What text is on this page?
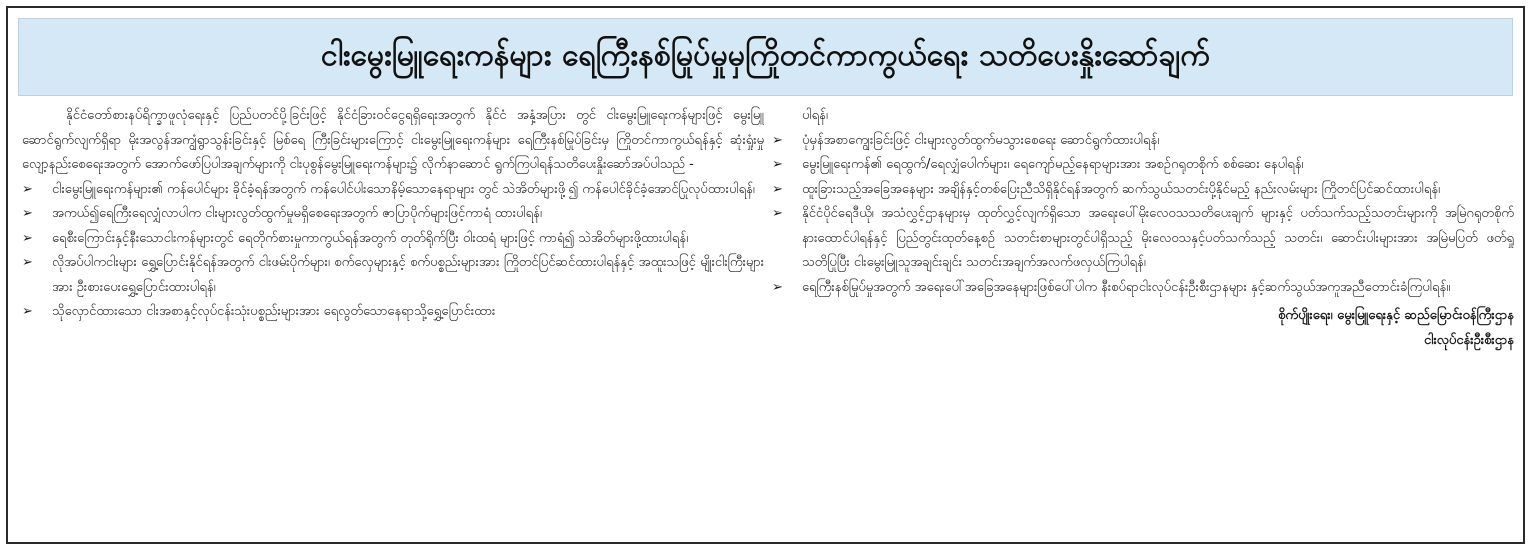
ငါးမွေးမြူရေးကန်များ ရေကြီးနစ်မြုပ်မှုမှကြိုတင်ကာကွယ်ရေး သတိပေးနှိုးဆော်ချက်

နိုင်ငံတော်စားနပ်ရိက္ခာဖူလုံရေးနှင့် ပြည်ပတင်ပို့ခြင်းဖြင့် နိုင်ငံခြားဝင်ငွေရရှိရေးအတွက် နိုင်ငံ အနှံ့အပြား တွင် ငါးမွေးမြူရေးကန်များဖြင့် မွေးမြူဆောင်ရွက်လျက်ရှိရာ မိုးအလွန်အကျွံရွာသွန်းခြင်းနှင့် မြစ်ရေ ကြီးခြင်းများကြောင့် ငါးမွေးမြူရေးကန်များ ရေကြီးနစ်မြုပ်ခြင်းမှ ကြိုတင်ကာကွယ်ရန်နှင့် ဆုံးရှုံးမှု လျော့နည်းစေရေးအတွက် အောက်ဖော်ပြပါအချက်များကို ငါးပုစွန်မွေးမြူရေးကန်များ၌ လိုက်နာဆောင် ရွက်ကြပါရန်သတိပေးနှိုးဆော်အပ်ပါသည် -

➢	ငါးမွေးမြူရေးကန်များ၏ ကန်ပေါင်များ ခိုင်ခံ့ရန်အတွက် ကန်ပေါင်ပါးသောနိမ့်သောနေရာများ တွင် သဲအိတ်များဖို့၍ ကန်ပေါင်ခိုင်ခံ့အောင်ပြုလုပ်ထားပါရန်၊

➢	အကယ်၍ရေကြီးရေလျှံလာပါက ငါးများလွတ်ထွက်မှုမရှိစေရေးအတွက် ဇာပြာပိုက်များဖြင့်ကာရံ ထားပါရန်၊

➢	ရေစီးကြောင်းနှင့်နီးသောငါးကန်များတွင် ရေတိုက်စားမှုကာကွယ်ရန်အတွက် တုတ်ရိုက်ပြီး ဝါးထရံ များဖြင့် ကာရံ၍ သဲအိတ်များဖို့ထားပါရန်၊

➢	လိုအပ်ပါကငါးများ ရွှေ့ပြောင်းနိုင်ရန်အတွက် ငါးဖမ်းပိုက်များ၊ စက်လှေများနှင့် စက်ပစ္စည်းများအား ကြိုတင်ပြင်ဆင်ထားပါရန်နှင့် အထူးသဖြင့် မျိုးငါးကြီးများအား ဦးစားပေးရွှေ့ပြောင်းထားပါရန်၊

➢	သိုလှောင်ထားသော ငါးအစာနှင့်လုပ်ငန်းသုံးပစ္စည်းများအား ရေလွတ်သောနေရာသို့ရွှေ့ပြောင်းထား

ပါရန်၊

➢	ပုံမှန်အစာကျွေးခြင်းဖြင့် ငါးများလွတ်ထွက်မသွားစေရေး ဆောင်ရွက်ထားပါရန်၊

➢	မွေးမြူရေးကန်၏ ရေထွက်/ရေလျှံပေါက်များ၊ ရေကျော်မည့်နေရာများအား အစဉ်ဂရုတစိုက် စစ်ဆေး နေပါရန်၊

➢	ထူးခြားသည့်အခြေအနေများ အချိန်နှင့်တစ်ပြေးညီသိရှိနိုင်ရန်အတွက် ဆက်သွယ်သတင်းပို့နိုင်မည့် နည်းလမ်းများ ကြိုတင်ပြင်ဆင်ထားပါရန်၊

➢	နိုင်ငံပိုင်ရေဒီယို၊ အသံလွှင့်ဌာနများမှ ထုတ်လွှင့်လျက်ရှိသော အရေးပေါ်မိုးလေဝသသတိပေးချက် များနှင့် ပတ်သက်သည့်သတင်းများကို အမြဲဂရုတစိုက်နားထောင်ပါရန်နှင့် ပြည်တွင်းထုတ်နေ့စဉ် သတင်းစာများတွင်ပါရှိသည့် မိုးလေဝသနှင့်ပတ်သက်သည့် သတင်း၊ ဆောင်းပါးများအား အမြဲမပြတ် ဖတ်ရှုသတိပြုပြီး ငါးမွေးမြူသူအချင်းချင်း သတင်းအချက်အလက်ဖလှယ်ကြပါရန်၊

➢	ရေကြီးနစ်မြုပ်မှုအတွက် အရေးပေါ်အခြေအနေများဖြစ်ပေါ်ပါက နီးစပ်ရာငါးလုပ်ငန်းဦးစီးဌာနများ နှင့်ဆက်သွယ်အကူအညီတောင်းခံကြပါရန်။

စိုက်ပျိုးရေး၊ မွေးမြူရေးနှင့် ဆည်မြောင်းဝန်ကြီးဌာန
ငါးလုပ်ငန်းဦးစီးဌာန
